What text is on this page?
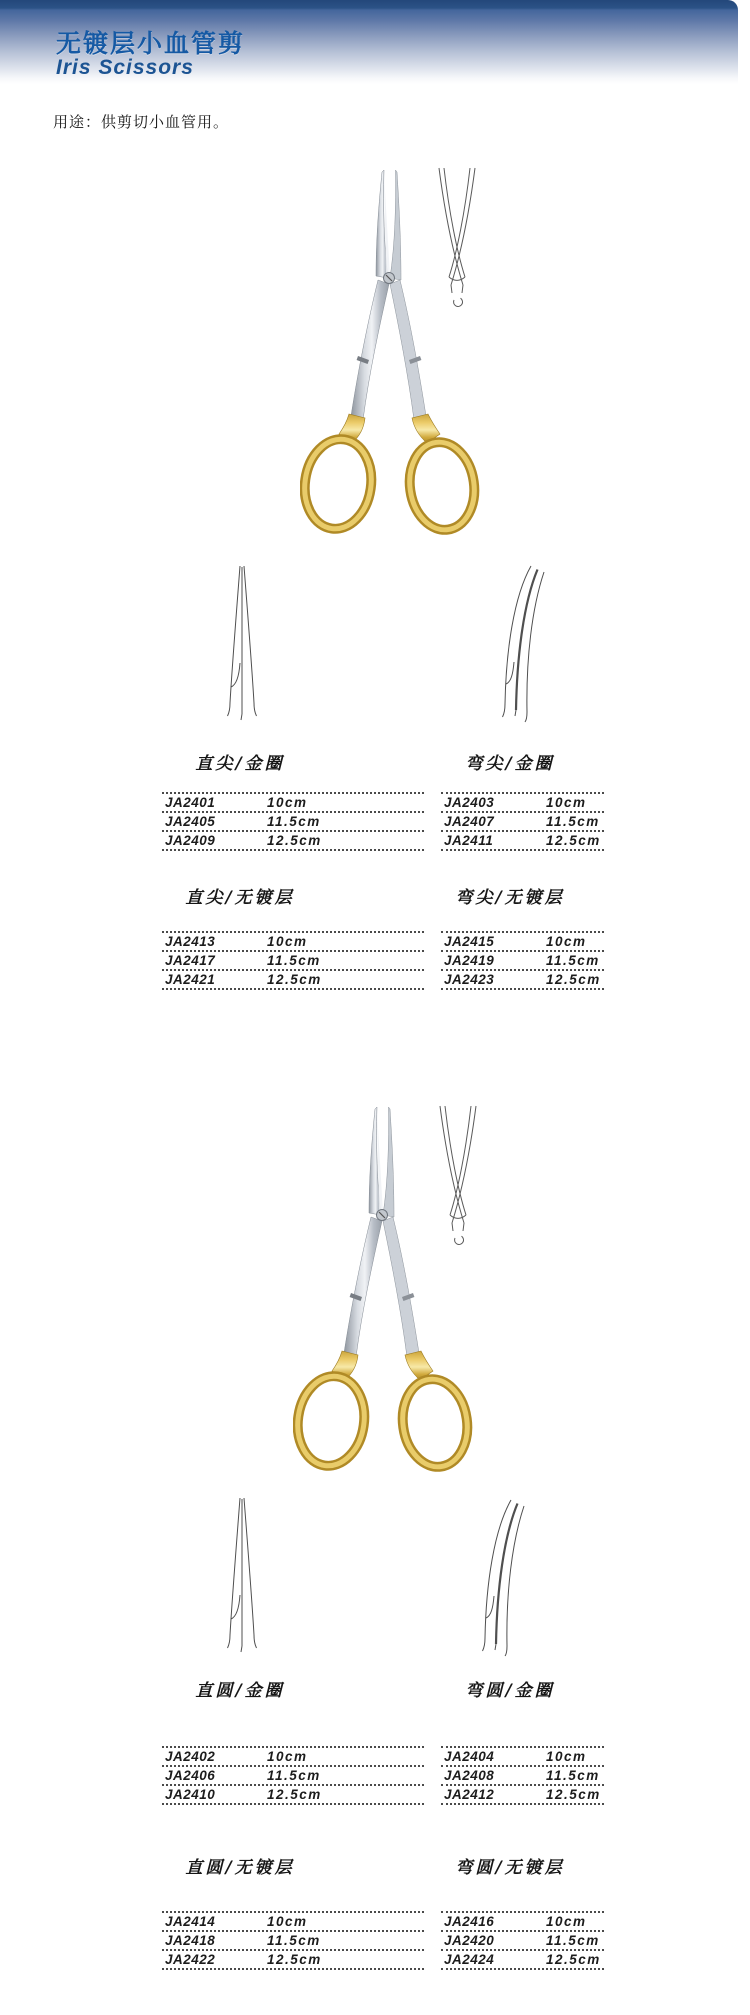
无镀层小血管剪
Iris Scissors
用途：供剪切小血管用。
直尖/金圈	弯尖/金圈
JA2401	10cm
JA2405	11.5cm
JA2409	12.5cm
JA2403	10cm
JA2407	11.5cm
JA2411	12.5cm
直尖/无镀层	弯尖/无镀层
JA2413	10cm
JA2417	11.5cm
JA2421	12.5cm
JA2415	10cm
JA2419	11.5cm
JA2423	12.5cm
直圆/金圈	弯圆/金圈
JA2402	10cm
JA2406	11.5cm
JA2410	12.5cm
JA2404	10cm
JA2408	11.5cm
JA2412	12.5cm
直圆/无镀层	弯圆/无镀层
JA2414	10cm
JA2418	11.5cm
JA2422	12.5cm
JA2416	10cm
JA2420	11.5cm
JA2424	12.5cm
